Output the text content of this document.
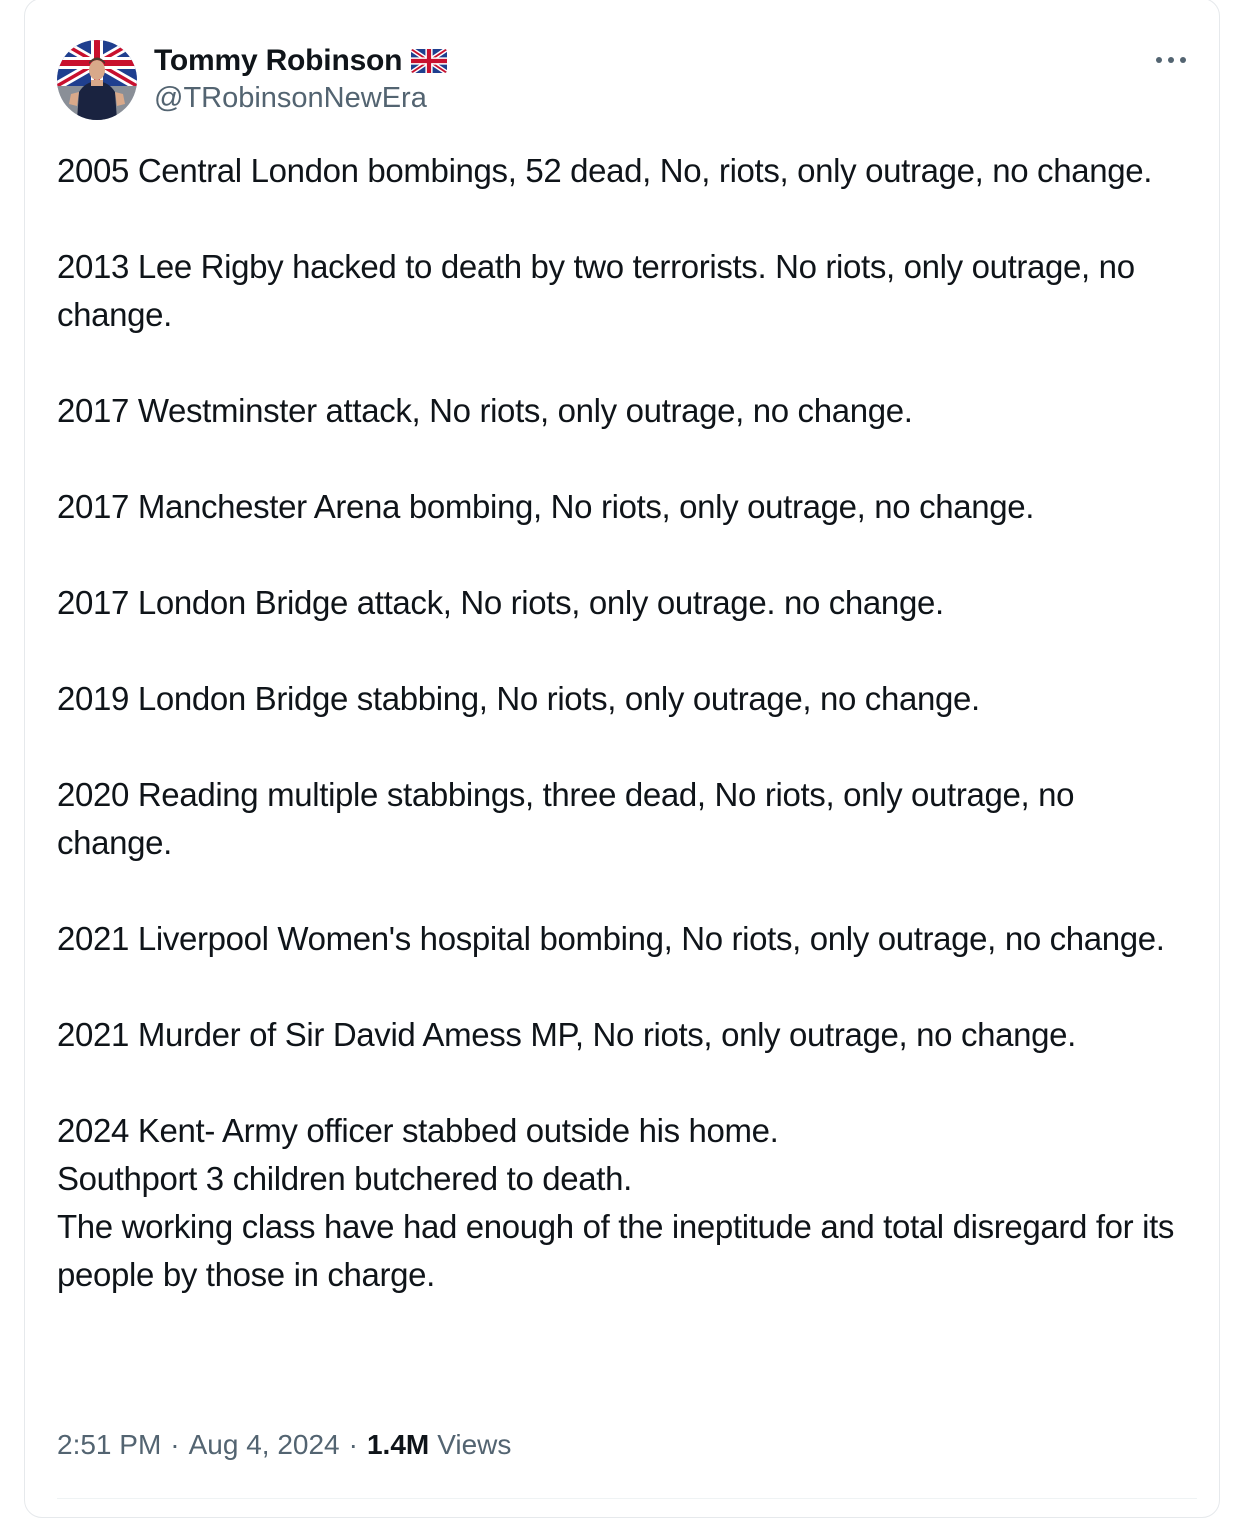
Tommy Robinson
@TRobinsonNewEra

2005 Central London bombings, 52 dead, No, riots, only outrage, no change.

2013 Lee Rigby hacked to death by two terrorists. No riots, only outrage, no change.

2017 Westminster attack, No riots, only outrage, no change.

2017 Manchester Arena bombing, No riots, only outrage, no change.

2017 London Bridge attack, No riots, only outrage. no change.

2019 London Bridge stabbing, No riots, only outrage, no change.

2020 Reading multiple stabbings, three dead, No riots, only outrage, no change.

2021 Liverpool Women's hospital bombing, No riots, only outrage, no change.

2021 Murder of Sir David Amess MP, No riots, only outrage, no change.

2024 Kent- Army officer stabbed outside his home.
Southport 3 children butchered to death.
The working class have had enough of the ineptitude and total disregard for its people by those in charge.

2:51 PM · Aug 4, 2024 · 1.4M Views
